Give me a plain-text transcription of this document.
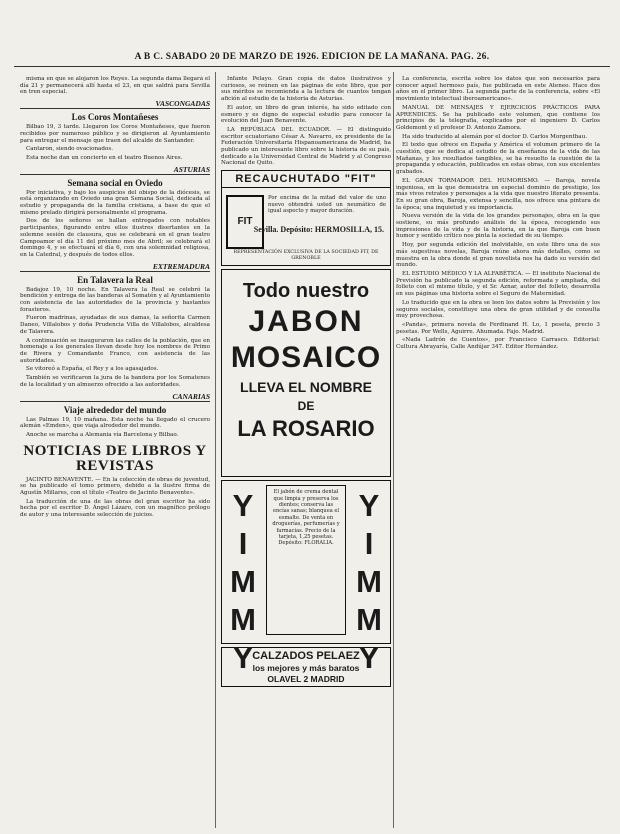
A B C. SABADO 20 DE MARZO DE 1926. EDICION DE LA MAÑANA. PAG. 26.

misma en que se alojaron los Reyes. La segunda dama llegará el día 21 y permanecerá allí hasta el 23, en que saldrá para Sevilla en tren especial.

VASCONGADAS
Los Coros Montañeses

Bilbao 19, 3 tarde. Llegaron los Coros Montañeses, que fueron recibidos por numeroso público y se dirigieron al Ayuntamiento para entregar el mensaje que traen del alcalde de Santander.

Cantaron, siendo ovacionados.

Esta noche dan un concierto en el teatro Buenos Aires.

ASTURIAS
Semana social en Oviedo

Por iniciativa, y bajo los auspicios del obispo de la diócesis, se está organizando en Oviedo una gran Semana Social, dedicada al estudio y propaganda de la familia cristiana, a base de que el mismo prelado dirigirá personalmente el programa.

Dos de los señores se hallan entregados con notables participantes, figurando entre ellos ilustres disertantes en la solemne sesión de clausura, que se celebrará en el gran teatro Campoamor el día 11 del próximo mes de Abril; se celebrará el domingo 4, y se efectuará el día 6, con una solemnidad religiosa, en la Catedral, y después de todos ellos.

EXTREMADURA
En Talavera la Real

Badajoz 19, 10 noche. En Talavera la Real se celebró la bendición y entrega de las banderas al Somatén y al Ayuntamiento con asistencia de las autoridades de la provincia y bastantes forasteros.

Fueron madrinas, ayudadas de sus damas, la señorita Carmen Daneo, Villalobos y doña Prudencia Villa de Villalobos, alcaldesa de Talavera.

A continuación se inauguraron las calles de la población, que en homenaje a los generales llevan desde hoy los nombres de Primo de Rivera y Comandante Franco, con asistencia de las autoridades.

Se vitoreó a España, el Rey y a los agasajados.

También se verificaron la jura de la bandera por los Somatenes de la localidad y un almuerzo ofrecido a las autoridades.

CANARIAS
Viaje alrededor del mundo

Las Palmas 19, 10 mañana. Esta noche ha llegado el crucero alemán «Emden», que viaja alrededor del mundo.

Anoche se marcha a Alemania vía Barcelona y Bilbao.

NOTICIAS DE LIBROS Y REVISTAS

JACINTO BENAVENTE. — En la colección de obras de juventud, se ha publicado el tomo primero, debido a la ilustre firma de Agustín Millares, con el título «Teatro de Jacinto Benavente».

La traducción de una de las obras del gran escritor ha sido hecha por el escritor D. Ángel Lázaro, con un magnífico prólogo de autor y una interesante selección de juicios.

Infante Pelayo. Gran copia de datos ilustrativos y curiosos, se reúnen en las páginas de este libro, que por sus méritos se recomienda a la lectura de cuantos tengan afición al estudio de la historia de Asturias.

El autor, un libro de gran interés, ha sido editado con esmero y es digno de especial estudio para conocer la evolución del Juan Benavente.

LA REPÚBLICA DEL ECUADOR. — El distinguido escritor ecuatoriano César A. Navarro, ex presidente de la Federación Universitaria Hispanoamericana de Madrid, ha publicado un interesante libro sobre la historia de su país, dedicado a la Universidad Central de Madrid y al Congreso Nacional de Quito.

RECAUCHUTADO "FIT"
FIT
Por encima de la mitad del valor de uno nuevo obtendrá usted un neumático de igual aspecto y mayor duración.
Sevilla. Depósito: HERMOSILLA, 15.
REPRESENTACIÓN EXCLUSIVA DE LA SOCIEDAD FIT, DE GRENOBLE
Todo nuestro
JABON
MOSAICO
LLEVA EL NOMBRE
DE
LA ROSARIO
Y
I
M
M
Y
El jabón de crema dental que limpia y preserva los dientes; conserva las encías sanas; blanquea el esmalte. De venta en droguerías, perfumerías y farmacias. Precio de la tarjeta, 1,25 pesetas. Depósito: FLORALIA.
Y
I
M
M
Y
CALZADOS PELAEZ
los mejores y más baratos
OLAVEL 2 MADRID

La conferencia, escrita sobre los datos que son necesarios para conocer aquel hermoso país, fue publicada en este Ateneo. Hace dos años en el primer libro. La segunda parte de la conferencia, sobre «El movimiento intelectual iberoamericano».

MANUAL DE MENSAJES Y EJERCICIOS PRÁCTICOS PARA APRENDICES. Se ha publicado este volumen, que contiene los principios de la telegrafía, explicados por el ingeniero D. Carlos Goldemont y el profesor D. Antonio Zamora.

Ha sido traducido al alemán por el doctor D. Carlos Morgenthau.

El texto que ofrece en España y América el volumen primero de la cuestión, que se dedica al estudio de la enseñanza de la vida de las Mañanas, y los resultados tangibles, se ha resuelto la cuestión de la propaganda y educación, publicados en estas obras, con sus excelentes grabados.

EL GRAN TORMADOR DEL HUMORISMO. — Baroja, novela ingeniosa, en la que demuestra un especial dominio de prestigio, los más vivos retratos y personajes a la vida que nuestro literato presenta. En su gran obra, Baroja, extensa y sencilla, nos ofrece una pintura de la época; una inquietud y su importancia.

Nueva versión de la vida de los grandes personajes, obra en la que sostiene, su más profundo análisis de la época, recogiendo sus impresiones de la vida y de la historia, en la que Baroja con buen humor y sentido crítico nos pinta la sociedad de su tiempo.

Hoy, por segunda edición del inolvidable, en este libro una de sus más sugestivas novelas, Baroja reúne ahora más detalles, como se muestra en la obra donde el gran novelista nos ha dado su versión del mundo.

EL ESTUDIO MÉDICO Y LA ALFABÉTICA. — El instituto Nacional de Previsión ha publicado la segunda edición, reformada y ampliada, del folleto con el mismo título, y el Sr. Aznar, autor del folleto, desarrolla en sus páginas una historia sobre el Seguro de Maternidad.

Lo traducido que en la obra se leen los datos sobre la Previsión y los seguros sociales, constituye una obra de gran utilidad y de consulta muy provechosa.

«Panda», primera novela de Ferdinand H. Lo, 1 peseta, precio 3 pesetas. Por Wells, Aguirre. Ahumada. Fajo. Madrid.

«Nada Ladrón de Cuentos», por Francisco Carrasco. Editorial: Cultura Abrayaría, Calle Andújar 347. Editor Hernández.
